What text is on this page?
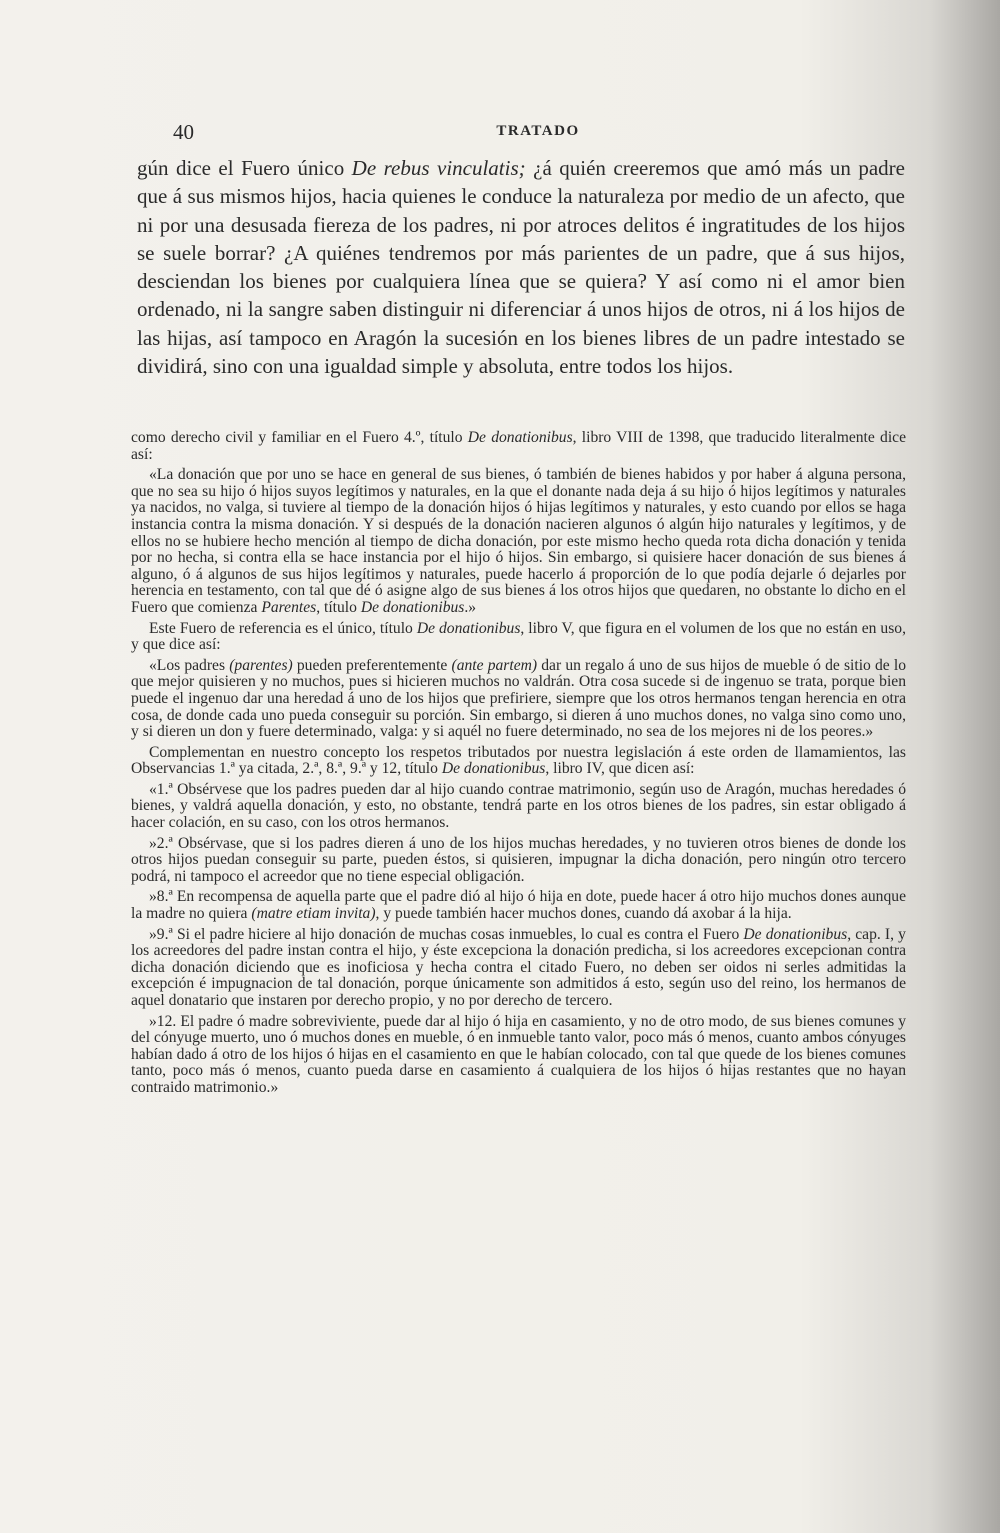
40	TRATADO

gún dice el Fuero único De rebus vinculatis; ¿á quién creeremos que amó más un padre que á sus mismos hijos, hacia quienes le conduce la naturaleza por medio de un afecto, que ni por una desusada fiereza de los padres, ni por atroces delitos é ingratitudes de los hijos se suele borrar? ¿A quiénes tendremos por más parientes de un padre, que á sus hijos, desciendan los bienes por cualquiera línea que se quiera? Y así como ni el amor bien ordenado, ni la sangre saben distinguir ni diferenciar á unos hijos de otros, ni á los hijos de las hijas, así tampoco en Aragón la sucesión en los bienes libres de un padre intestado se dividirá, sino con una igualdad simple y absoluta, entre todos los hijos.

como derecho civil y familiar en el Fuero 4.º, título De donationibus, libro VIII de 1398, que traducido literalmente dice así:

«La donación que por uno se hace en general de sus bienes, ó también de bienes habidos y por haber á alguna persona, que no sea su hijo ó hijos suyos legítimos y naturales, en la que el donante nada deja á su hijo ó hijos legítimos y naturales ya nacidos, no valga, si tuviere al tiempo de la donación hijos ó hijas legítimos y naturales, y esto cuando por ellos se haga instancia contra la misma donación. Y si después de la donación nacieren algunos ó algún hijo naturales y legítimos, y de ellos no se hubiere hecho mención al tiempo de dicha donación, por este mismo hecho queda rota dicha donación y tenida por no hecha, si contra ella se hace instancia por el hijo ó hijos. Sin embargo, si quisiere hacer donación de sus bienes á alguno, ó á algunos de sus hijos legítimos y naturales, puede hacerlo á proporción de lo que podía dejarle ó dejarles por herencia en testamento, con tal que dé ó asigne algo de sus bienes á los otros hijos que quedaren, no obstante lo dicho en el Fuero que comienza Parentes, título De donationibus.»

Este Fuero de referencia es el único, título De donationibus, libro V, que figura en el volumen de los que no están en uso, y que dice así:

«Los padres (parentes) pueden preferentemente (ante partem) dar un regalo á uno de sus hijos de mueble ó de sitio de lo que mejor quisieren y no muchos, pues si hicieren muchos no valdrán. Otra cosa sucede si de ingenuo se trata, porque bien puede el ingenuo dar una heredad á uno de los hijos que prefiriere, siempre que los otros hermanos tengan herencia en otra cosa, de donde cada uno pueda conseguir su porción. Sin embargo, si dieren á uno muchos dones, no valga sino como uno, y si dieren un don y fuere determinado, valga: y si aquél no fuere determinado, no sea de los mejores ni de los peores.»

Complementan en nuestro concepto los respetos tributados por nuestra legislación á este orden de llamamientos, las Observancias 1.ª ya citada, 2.ª, 8.ª, 9.ª y 12, título De donationibus, libro IV, que dicen así:

«1.ª Obsérvese que los padres pueden dar al hijo cuando contrae matrimonio, según uso de Aragón, muchas heredades ó bienes, y valdrá aquella donación, y esto, no obstante, tendrá parte en los otros bienes de los padres, sin estar obligado á hacer colación, en su caso, con los otros hermanos.

»2.ª Obsérvase, que si los padres dieren á uno de los hijos muchas heredades, y no tuvieren otros bienes de donde los otros hijos puedan conseguir su parte, pueden éstos, si quisieren, impugnar la dicha donación, pero ningún otro tercero podrá, ni tampoco el acreedor que no tiene especial obligación.

»8.ª En recompensa de aquella parte que el padre dió al hijo ó hija en dote, puede hacer á otro hijo muchos dones aunque la madre no quiera (matre etiam invita), y puede también hacer muchos dones, cuando dá axobar á la hija.

»9.ª Si el padre hiciere al hijo donación de muchas cosas inmuebles, lo cual es contra el Fuero De donationibus, cap. I, y los acreedores del padre instan contra el hijo, y éste excepciona la donación predicha, si los acreedores excepcionan contra dicha donación diciendo que es inoficiosa y hecha contra el citado Fuero, no deben ser oidos ni serles admitidas la excepción é impugnacion de tal donación, porque únicamente son admitidos á esto, según uso del reino, los hermanos de aquel donatario que instaren por derecho propio, y no por derecho de tercero.

»12. El padre ó madre sobreviviente, puede dar al hijo ó hija en casamiento, y no de otro modo, de sus bienes comunes y del cónyuge muerto, uno ó muchos dones en mueble, ó en inmueble tanto valor, poco más ó menos, cuanto ambos cónyuges habían dado á otro de los hijos ó hijas en el casamiento en que le habían colocado, con tal que quede de los bienes comunes tanto, poco más ó menos, cuanto pueda darse en casamiento á cualquiera de los hijos ó hijas restantes que no hayan contraido matrimonio.»
